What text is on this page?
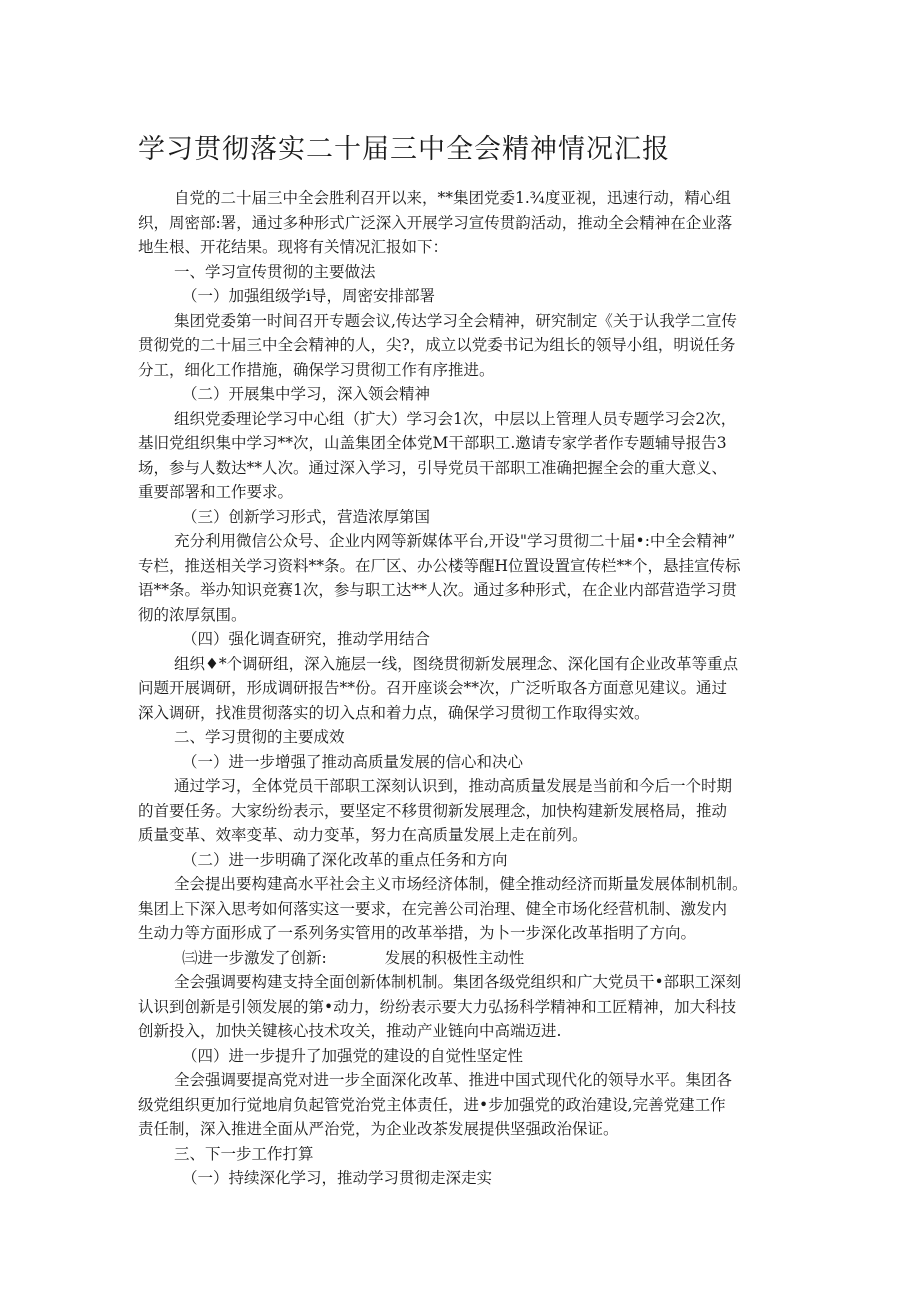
学习贯彻落实二十届三中全会精神情况汇报
自党的二十届三中全会胜利召开以来，**集团党委1.¾度亚视，迅速行动，精心组
织，周密部:署，通过多种形式广泛深入开展学习宣传贯韵活动，推动全会精神在企业落
地生根、开花结果。现将有关情况汇报如下：
一、学习宣传贯彻的主要做法
（一）加强组级学i导，周密安排部署
集团党委第一时间召开专题会议,传达学习全会精神，研究制定《关于认我学二宣传
贯彻党的二十届三中全会精神的人，尖?，成立以党委书记为组长的领导小组，明说任务
分工，细化工作措施，确保学习贯彻工作有序推进。
（二）开展集中学习，深入领会精神
组织党委理论学习中心组（扩大）学习会1次，中层以上管理人员专题学习会2次，
基旧党组织集中学习**次，山盖集团全体党M干部职工.邀请专家学者作专题辅导报告3
场，参与人数达**人次。通过深入学习，引导党员干部职工准确把握全会的重大意义、
重要部署和工作要求。
（三）创新学习形式，营造浓厚第国
充分利用微信公众号、企业内网等新媒体平台,开设"学习贯彻二十届•:中全会精神”
专栏，推送相关学习资料**条。在厂区、办公楼等醒H位置设置宣传栏**个，悬挂宣传标
语**条。举办知识竞赛1次，参与职工达**人次。通过多种形式，在企业内部营造学习贯
彻的浓厚氛围。
（四）强化调查研究，推动学用结合
组织♦*个调研组，深入施层一线，图绕贯彻新发展理念、深化国有企业改革等重点
问题开展调研，形成调研报告**份。召开座谈会**次，广泛听取各方面意见建议。通过
深入调研，找准贯彻落实的切入点和着力点，确保学习贯彻工作取得实效。
二、学习贯彻的主要成效
（一）进一步增强了推动高质量发展的信心和决心
通过学习，全体党员干部职工深刻认识到，推动高质量发展是当前和今后一个时期
的首要任务。大家纷纷表示，要坚定不移贯彻新发展理念，加快构建新发展格局，推动
质量变革、效率变革、动力变革，努力在高质量发展上走在前列。
（二）进一步明确了深化改革的重点任务和方向
全会提出要构建高水平社会主义市场经济体制，健全推动经济而斯量发展体制机制。
集团上下深入思考如何落实这一要求，在完善公司治理、健全市场化经营机制、激发内
生动力等方面形成了一系列务实管用的改革举措，为卜一步深化改革指明了方向。
㈢进一步激发了创新:	发展的积极性主动性
全会强调要构建支持全面创新体制机制。集团各级党组织和广大党员干•部职工深刻
认识到创新是引领发展的第•动力，纷纷表示要大力弘扬科学精神和工匠精神，加大科技
创新投入，加快关键核心技术攻关，推动产业链向中高端迈进.
（四）进一步提升了加强党的建设的自觉性坚定性
全会强调要提高党对进一步全面深化改革、推进中国式现代化的领导水平。集团各
级党组织更加行觉地肩负起管党治党主体责任，进•步加强党的政治建设,完善党建工作
责任制，深入推进全面从严治党，为企业改茶发展提供坚强政治保证。
三、下一步工作打算
（一）持续深化学习，推动学习贯彻走深走实
